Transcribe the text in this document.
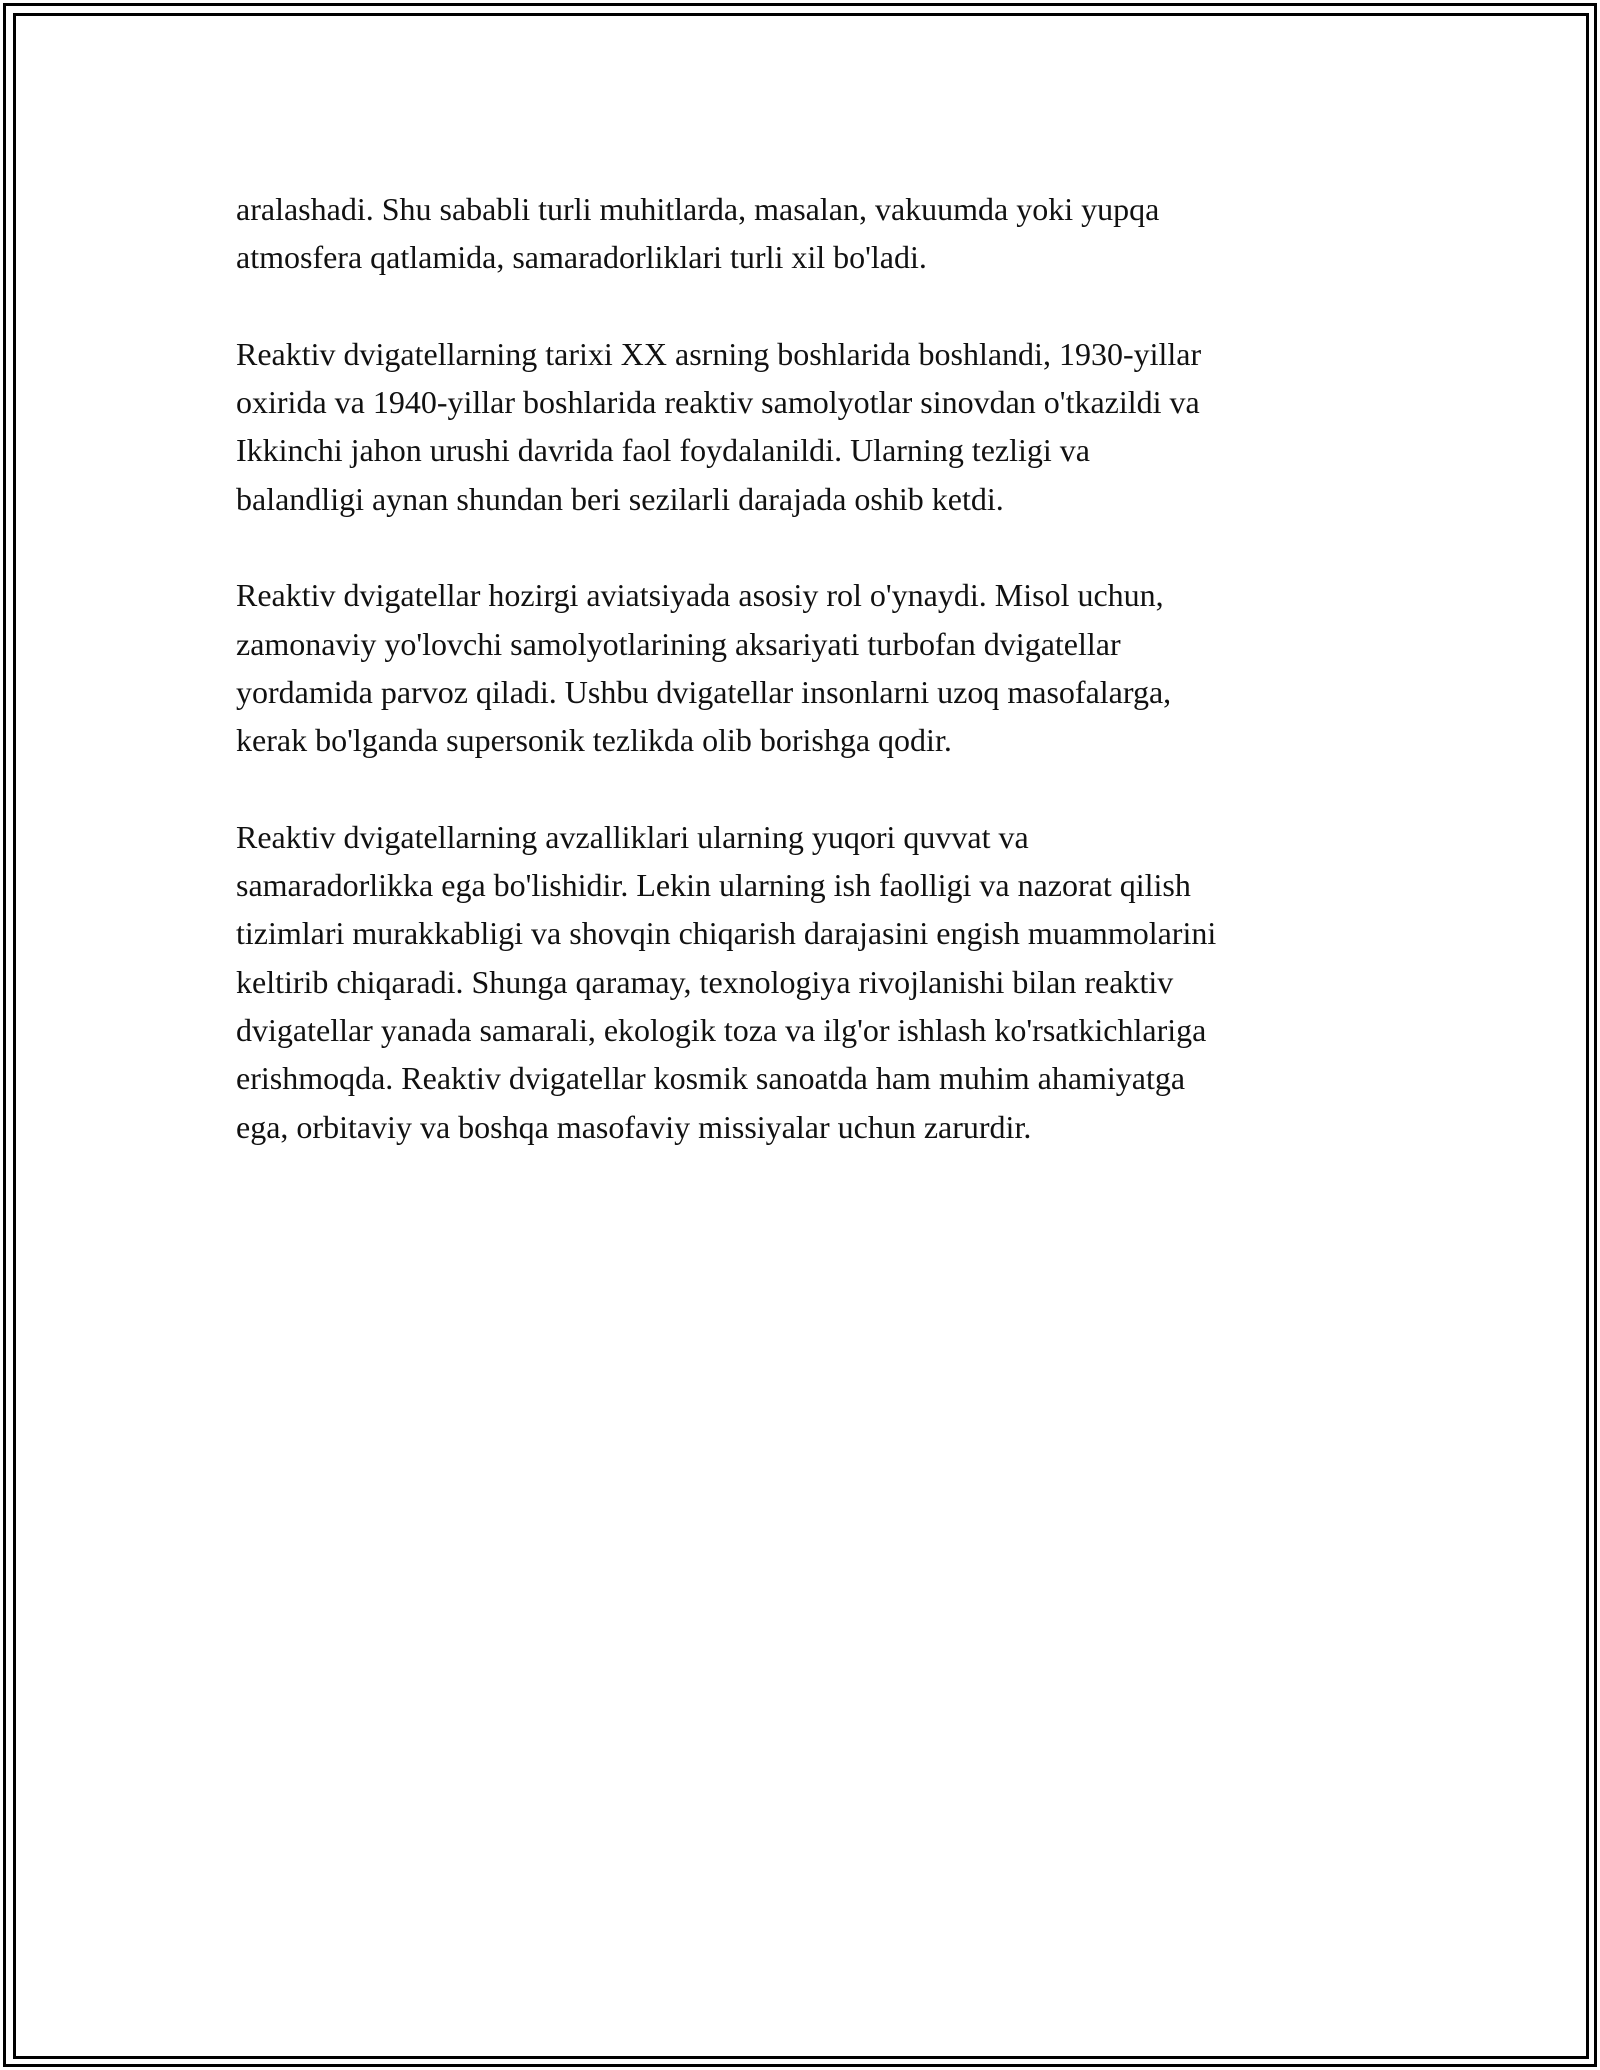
aralashadi. Shu sababli turli muhitlarda, masalan, vakuumda yoki yupqa
atmosfera qatlamida, samaradorliklari turli xil bo'ladi.

Reaktiv dvigatellarning tarixi XX asrning boshlarida boshlandi, 1930-yillar
oxirida va 1940-yillar boshlarida reaktiv samolyotlar sinovdan o'tkazildi va
Ikkinchi jahon urushi davrida faol foydalanildi. Ularning tezligi va
balandligi aynan shundan beri sezilarli darajada oshib ketdi.

Reaktiv dvigatellar hozirgi aviatsiyada asosiy rol o'ynaydi. Misol uchun,
zamonaviy yo'lovchi samolyotlarining aksariyati turbofan dvigatellar
yordamida parvoz qiladi. Ushbu dvigatellar insonlarni uzoq masofalarga,
kerak bo'lganda supersonik tezlikda olib borishga qodir.

Reaktiv dvigatellarning avzalliklari ularning yuqori quvvat va
samaradorlikka ega bo'lishidir. Lekin ularning ish faolligi va nazorat qilish
tizimlari murakkabligi va shovqin chiqarish darajasini engish muammolarini
keltirib chiqaradi. Shunga qaramay, texnologiya rivojlanishi bilan reaktiv
dvigatellar yanada samarali, ekologik toza va ilg'or ishlash ko'rsatkichlariga
erishmoqda. Reaktiv dvigatellar kosmik sanoatda ham muhim ahamiyatga
ega, orbitaviy va boshqa masofaviy missiyalar uchun zarurdir.
